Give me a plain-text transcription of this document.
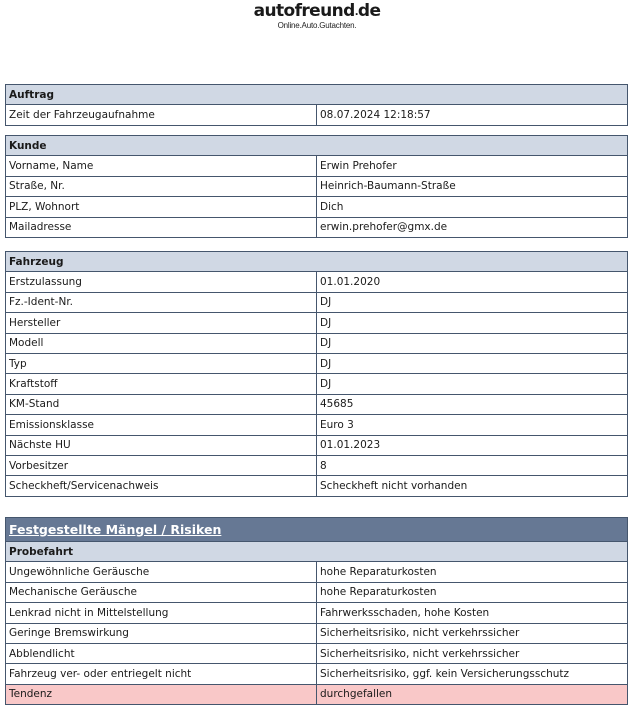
autofreund.de
Online.Auto.Gutachten.
Auftrag
Zeit der Fahrzeugaufnahme	08.07.2024 12:18:57
Kunde	
Vorname, Name	Erwin Prehofer
Straße, Nr.	Heinrich-Baumann-Straße
PLZ, Wohnort	Dich
Mailadresse	erwin.prehofer@gmx.de
Fahrzeug	
Erstzulassung	01.01.2020
Fz.-Ident-Nr.	DJ
Hersteller	DJ
Modell	DJ
Typ	DJ
Kraftstoff	DJ
KM-Stand	45685
Emissionsklasse	Euro 3
Nächste HU	01.01.2023
Vorbesitzer	8
Scheckheft/Servicenachweis	Scheckheft nicht vorhanden
Festgestellte Mängel / Risiken	
Probefahrt	
Ungewöhnliche Geräusche	hohe Reparaturkosten
Mechanische Geräusche	hohe Reparaturkosten
Lenkrad nicht in Mittelstellung	Fahrwerksschaden, hohe Kosten
Geringe Bremswirkung	Sicherheitsrisiko, nicht verkehrssicher
Abblendlicht	Sicherheitsrisiko, nicht verkehrssicher
Fahrzeug ver- oder entriegelt nicht	Sicherheitsrisiko, ggf. kein Versicherungsschutz
Tendenz	durchgefallen
